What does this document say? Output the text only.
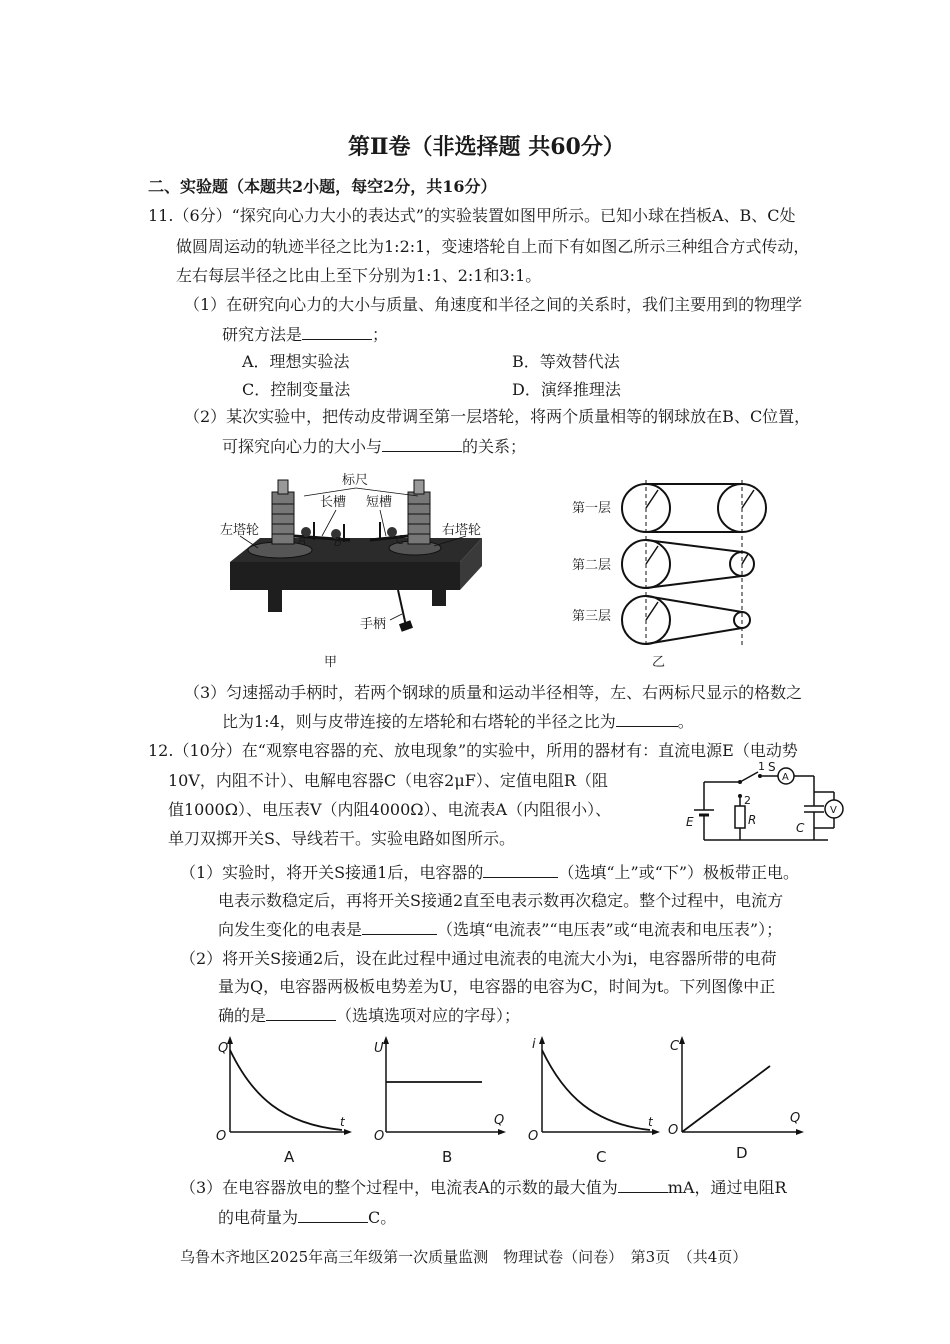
第Ⅱ卷（非选择题 共60分）
二、实验题（本题共2小题，每空2分，共16分）
11.（6分）“探究向心力大小的表达式”的实验装置如图甲所示。已知小球在挡板A、B、C处
做圆周运动的轨迹半径之比为1:2:1，变速塔轮自上而下有如图乙所示三种组合方式传动，
左右每层半径之比由上至下分别为1:1、2:1和3:1。
（1）在研究向心力的大小与质量、角速度和半径之间的关系时，我们主要用到的物理学
研究方法是	；
A．理想实验法	B．等效替代法
C．控制变量法	D．演绎推理法
（2）某次实验中，把传动皮带调至第一层塔轮，将两个质量相等的钢球放在B、C位置，
可探究向心力的大小与	的关系；
标尺
长槽 短槽
左塔轮	右塔轮
A B	C
手柄
甲
第一层
第二层
第三层
乙
（3）匀速摇动手柄时，若两个钢球的质量和运动半径相等，左、右两标尺显示的格数之
比为1:4，则与皮带连接的左塔轮和右塔轮的半径之比为	。
12.（10分）在“观察电容器的充、放电现象”的实验中，所用的器材有：直流电源E（电动势
10V，内阻不计）、电解电容器C（电容2μF）、定值电阻R（阻
值1000Ω）、电压表V（内阻4000Ω）、电流表A（内阻很小）、
单刀双掷开关S、导线若干。实验电路如图所示。
1 S
2
R
E	C
A
V
（1）实验时，将开关S接通1后，电容器的	（选填“上”或“下”）极板带正电。
电表示数稳定后，再将开关S接通2直至电表示数再次稳定。整个过程中，电流方
向发生变化的电表是	（选填“电流表”“电压表”或“电流表和电压表”）；
（2）将开关S接通2后，设在此过程中通过电流表的电流大小为i，电容器所带的电荷
量为Q，电容器两极板电势差为U，电容器的电容为C，时间为t。下列图像中正
确的是	（选填选项对应的字母）；
Q
t
O
A
U
Q
O
B
i
t
O
C
C
Q
O
D
（3）在电容器放电的整个过程中，电流表A的示数的最大值为	mA，通过电阻R
的电荷量为	C。
乌鲁木齐地区2025年高三年级第一次质量监测　物理试卷（问卷）　第3页　（共4页）
